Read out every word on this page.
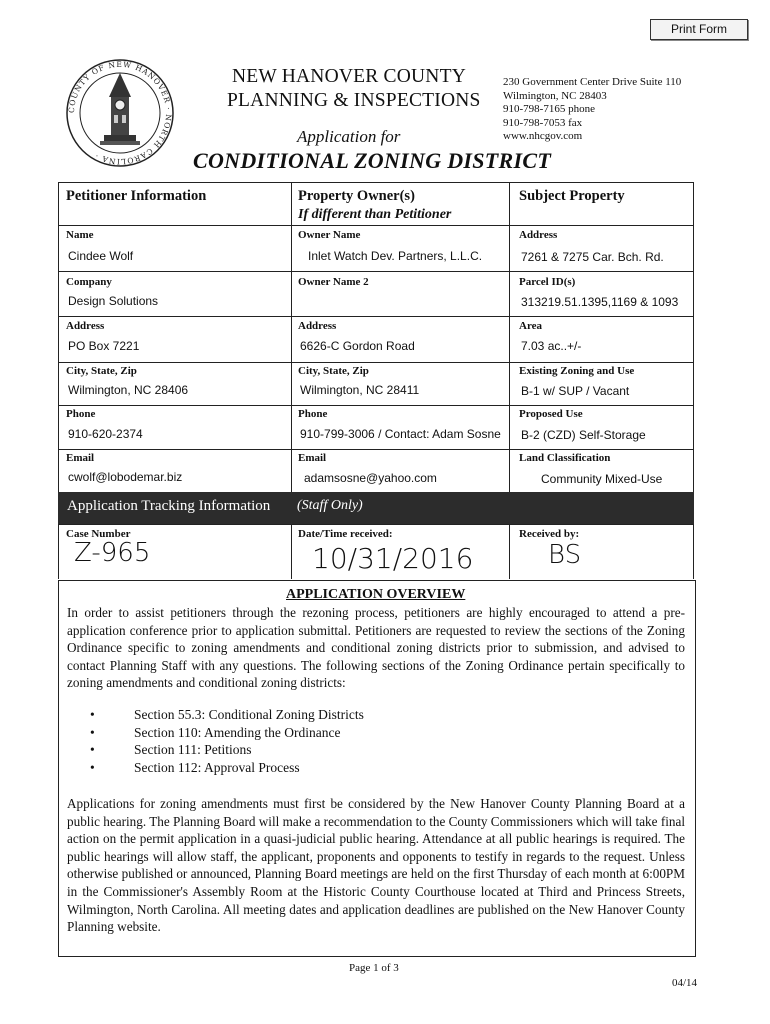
Print Form
COUNTY OF NEW HANOVER · NORTH CAROLINA ·
NEW HANOVER COUNTY
PLANNING & INSPECTIONS
230 Government Center Drive Suite 110
Wilmington, NC 28403
910-798-7165 phone
910-798-7053 fax
www.nhcgov.com
Application for
CONDITIONAL ZONING DISTRICT
Petitioner Information	Property Owner(s)
If different than Petitioner
Subject Property
Name
Cindee Wolf
Owner Name
Inlet Watch Dev. Partners, L.L.C.
Address
7261 & 7275 Car. Bch. Rd.
Company
Design Solutions
Owner Name 2	Parcel ID(s)
313219.51.1395,1169 & 1093
Address
PO Box 7221
Address
6626-C Gordon Road
Area
7.03 ac..+/-
City, State, Zip
Wilmington, NC 28406
City, State, Zip
Wilmington, NC 28411
Existing Zoning and Use
B-1 w/ SUP / Vacant
Phone
910-620-2374
Phone
910-799-3006 / Contact: Adam Sosne
Proposed Use
B-2 (CZD) Self-Storage
Email
cwolf@lobodemar.biz
Email
adamsosne@yahoo.com
Land Classification
Community Mixed-Use
Application Tracking Information (Staff Only)
Case Number
Z-965
Date/Time received:
10/31/2016
Received by:
BS
APPLICATION OVERVIEW
In order to assist petitioners through the rezoning process, petitioners are highly encouraged to attend a pre-application conference prior to application submittal. Petitioners are requested to review the sections of the Zoning Ordinance specific to zoning amendments and conditional zoning districts prior to submission, and advised to contact Planning Staff with any questions. The following sections of the Zoning Ordinance pertain specifically to zoning amendments and conditional zoning districts:
• Section 55.3: Conditional Zoning Districts
• Section 110: Amending the Ordinance
• Section 111: Petitions
• Section 112: Approval Process
Applications for zoning amendments must first be considered by the New Hanover County Planning Board at a public hearing. The Planning Board will make a recommendation to the County Commissioners which will take final action on the permit application in a quasi-judicial public hearing. Attendance at all public hearings is required. The public hearings will allow staff, the applicant, proponents and opponents to testify in regards to the request. Unless otherwise published or announced, Planning Board meetings are held on the first Thursday of each month at 6:00PM in the Commissioner's Assembly Room at the Historic County Courthouse located at Third and Princess Streets, Wilmington, North Carolina. All meeting dates and application deadlines are published on the New Hanover County Planning website.
Page 1 of 3
04/14
